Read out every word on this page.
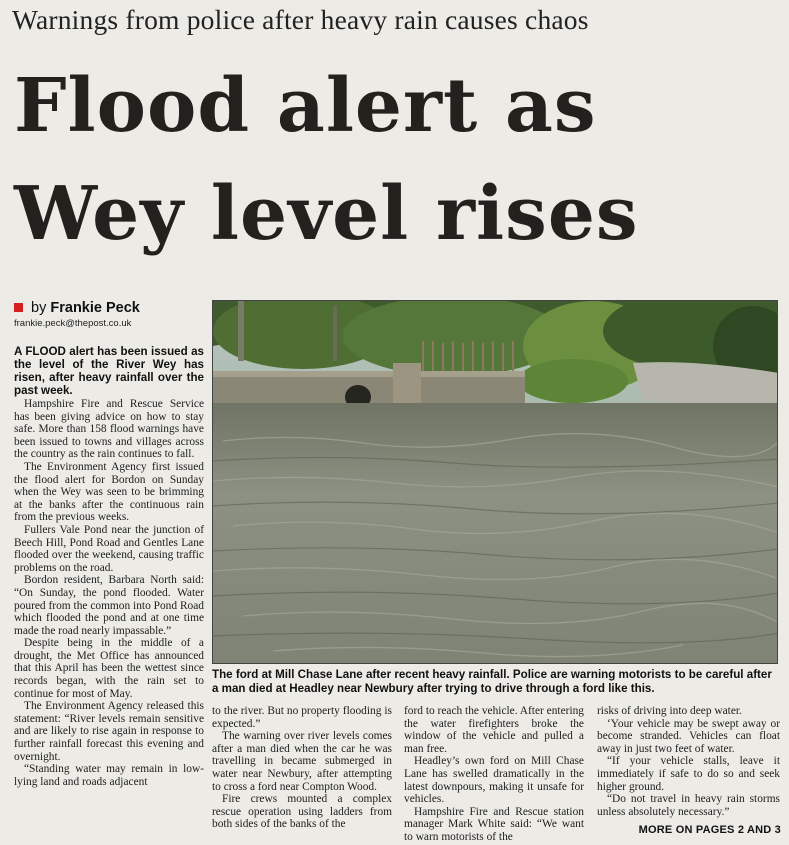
Warnings from police after heavy rain causes chaos
Flood alert as
Wey level rises
by Frankie Peck
frankie.peck@thepost.co.uk

A FLOOD alert has been issued as the level of the River Wey has risen, after heavy rainfall over the past week.

Hampshire Fire and Rescue Service has been giving advice on how to stay safe. More than 158 flood warnings have been issued to towns and villages across the country as the rain continues to fall.

The Environment Agency first issued the flood alert for Bordon on Sunday when the Wey was seen to be brimming at the banks after the continuous rain from the previous weeks.

Fullers Vale Pond near the junction of Beech Hill, Pond Road and Gentles Lane flooded over the weekend, causing traffic problems on the road.

Bordon resident, Barbara North said: “On Sunday, the pond flooded. Water poured from the common into Pond Road which flooded the pond and at one time made the road nearly impassable.”

Despite being in the middle of a drought, the Met Office has announced that this April has been the wettest since records began, with the rain set to continue for most of May.

The Environment Agency released this statement: “River levels remain sensitive and are likely to rise again in response to further rainfall forecast this evening and overnight.

“Standing water may remain in low-lying land and roads adjacent

The ford at Mill Chase Lane after recent heavy rainfall. Police are warning motorists to be careful after a man died at Headley near Newbury after trying to drive through a ford like this.

to the river. But no property flooding is expected.”

The warning over river levels comes after a man died when the car he was travelling in became submerged in water near Newbury, after attempting to cross a ford near Compton Wood.

Fire crews mounted a complex rescue operation using ladders from both sides of the banks of the

ford to reach the vehicle. After entering the water firefighters broke the window of the vehicle and pulled a man free.

Headley’s own ford on Mill Chase Lane has swelled dramatically in the latest downpours, making it unsafe for vehicles.

Hampshire Fire and Rescue station manager Mark White said: “We want to warn motorists of the

risks of driving into deep water.

‘Your vehicle may be swept away or become stranded. Vehicles can float away in just two feet of water.

“If your vehicle stalls, leave it immediately if safe to do so and seek higher ground.

“Do not travel in heavy rain storms unless absolutely necessary.”

MORE ON PAGES 2 AND 3
